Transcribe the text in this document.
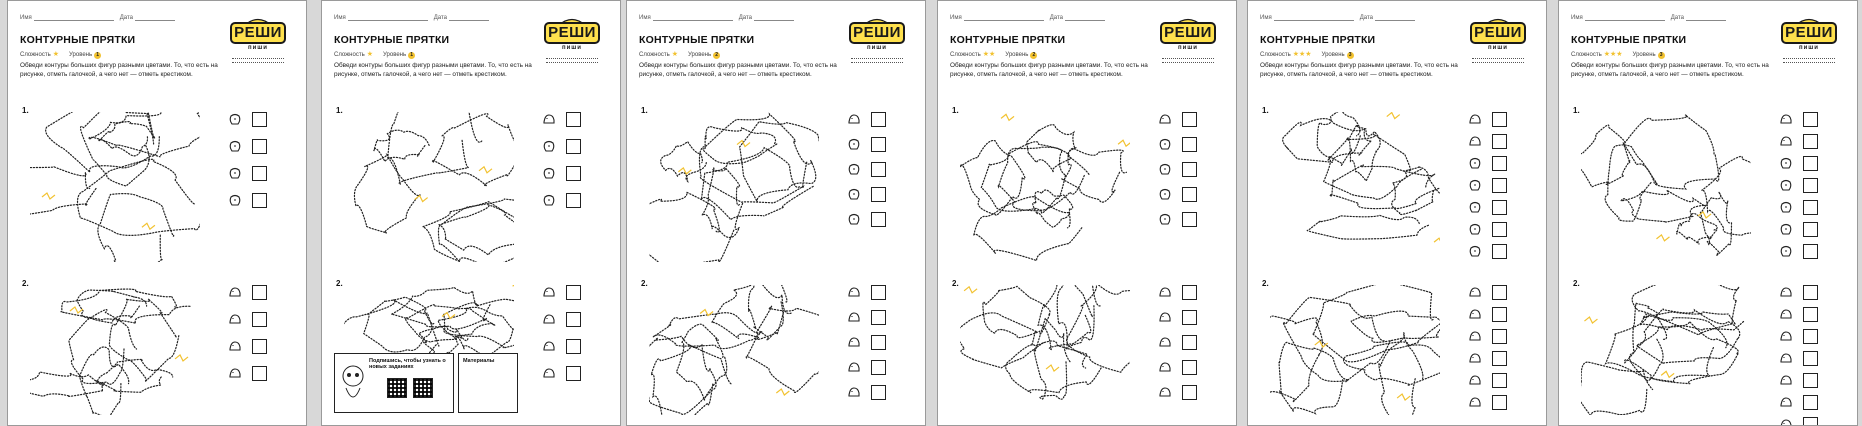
Имя	Дата
КОНТУРНЫЕ ПРЯТКИ
Сложность ★ Уровень 1
Обведи контуры больших фигур разными цветами. То, что есть на рисунке, отметь галочкой, а чего нет — отметь крестиком.
РЕШИ
пиши
1.
2.
Имя	Дата
КОНТУРНЫЕ ПРЯТКИ
Сложность ★ Уровень 1
Обведи контуры больших фигур разными цветами. То, что есть на рисунке, отметь галочкой, а чего нет — отметь крестиком.
РЕШИ
пиши
1.
2.
Подпишись, чтобы узнать о новых заданиях
Материалы
Имя	Дата
КОНТУРНЫЕ ПРЯТКИ
Сложность ★ Уровень 2
Обведи контуры больших фигур разными цветами. То, что есть на рисунке, отметь галочкой, а чего нет — отметь крестиком.
РЕШИ
пиши
1.
2.
Имя	Дата
КОНТУРНЫЕ ПРЯТКИ
Сложность ★★ Уровень 2
Обведи контуры больших фигур разными цветами. То, что есть на рисунке, отметь галочкой, а чего нет — отметь крестиком.
РЕШИ
пиши
1.
2.
Имя	Дата
КОНТУРНЫЕ ПРЯТКИ
Сложность ★★★ Уровень 3
Обведи контуры больших фигур разными цветами. То, что есть на рисунке, отметь галочкой, а чего нет — отметь крестиком.
РЕШИ
пиши
1.
2.
Имя	Дата
КОНТУРНЫЕ ПРЯТКИ
Сложность ★★★ Уровень 3
Обведи контуры больших фигур разными цветами. То, что есть на рисунке, отметь галочкой, а чего нет — отметь крестиком.
РЕШИ
пиши
1.
2.
